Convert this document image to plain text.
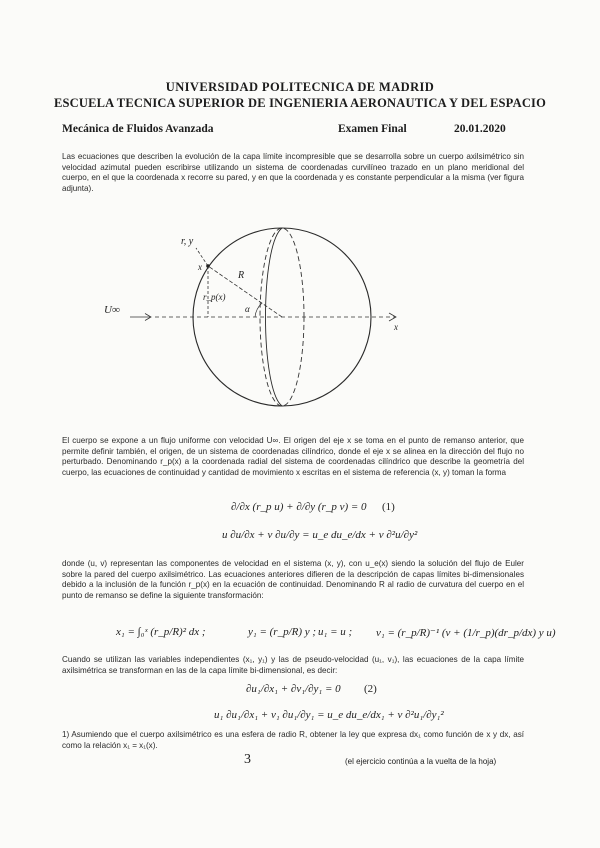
UNIVERSIDAD POLITECNICA DE MADRID
ESCUELA TECNICA SUPERIOR DE INGENIERIA AERONAUTICA Y DEL ESPACIO
Mecánica de Fluidos Avanzada	Examen Final	20.01.2020
Las ecuaciones que describen la evolución de la capa límite incompresible que se desarrolla sobre un cuerpo axilsimétrico sin velocidad azimutal pueden escribirse utilizando un sistema de coordenadas curvilíneo trazado en un plano meridional del cuerpo, en el que la coordenada x recorre su pared, y en que la coordenada y es constante perpendicular a la misma (ver figura adjunta).
r, y
x
R
r_p(x)
α
U∞
x
El cuerpo se expone a un flujo uniforme con velocidad U∞. El origen del eje x se toma en el punto de remanso anterior, que permite definir también, el origen, de un sistema de coordenadas cilíndrico, donde el eje x se alinea en la dirección del flujo no perturbado. Denominando r_p(x) a la coordenada radial del sistema de coordenadas cilíndrico que describe la geometría del cuerpo, las ecuaciones de continuidad y cantidad de movimiento x escritas en el sistema de referencia (x, y) toman la forma
∂/∂x (r_p u) + ∂/∂y (r_p v) = 0 (1)
u ∂u/∂x + v ∂u/∂y = u_e du_e/dx + ν ∂²u/∂y²
donde (u, v) representan las componentes de velocidad en el sistema (x, y), con u_e(x) siendo la solución del flujo de Euler sobre la pared del cuerpo axilsimétrico. Las ecuaciones anteriores difieren de la descripción de capas límites bi-dimensionales debido a la inclusión de la función r_p(x) en la ecuación de continuidad. Denominando R al radio de curvatura del cuerpo en el punto de remanso se define la siguiente transformación:
x₁ = ∫₀ˣ (r_p/R)² dx ;	y₁ = (r_p/R) y ; u₁ = u ; v₁ = (r_p/R)⁻¹ (v + (1/r_p)(dr_p/dx) y u)
Cuando se utilizan las variables independientes (x₁, y₁) y las de pseudo-velocidad (u₁, v₁), las ecuaciones de la capa límite axilsimétrica se transforman en las de la capa límite bi-dimensional, es decir:
∂u₁/∂x₁ + ∂v₁/∂y₁ = 0 (2)
u₁ ∂u₁/∂x₁ + v₁ ∂u₁/∂y₁ = u_e du_e/dx₁ + ν ∂²u₁/∂y₁²
1) Asumiendo que el cuerpo axilsimétrico es una esfera de radio R, obtener la ley que expresa dx₁ como función de x y dx, así como la relación x₁ = x₁(x).
3	(el ejercicio continúa a la vuelta de la hoja)
